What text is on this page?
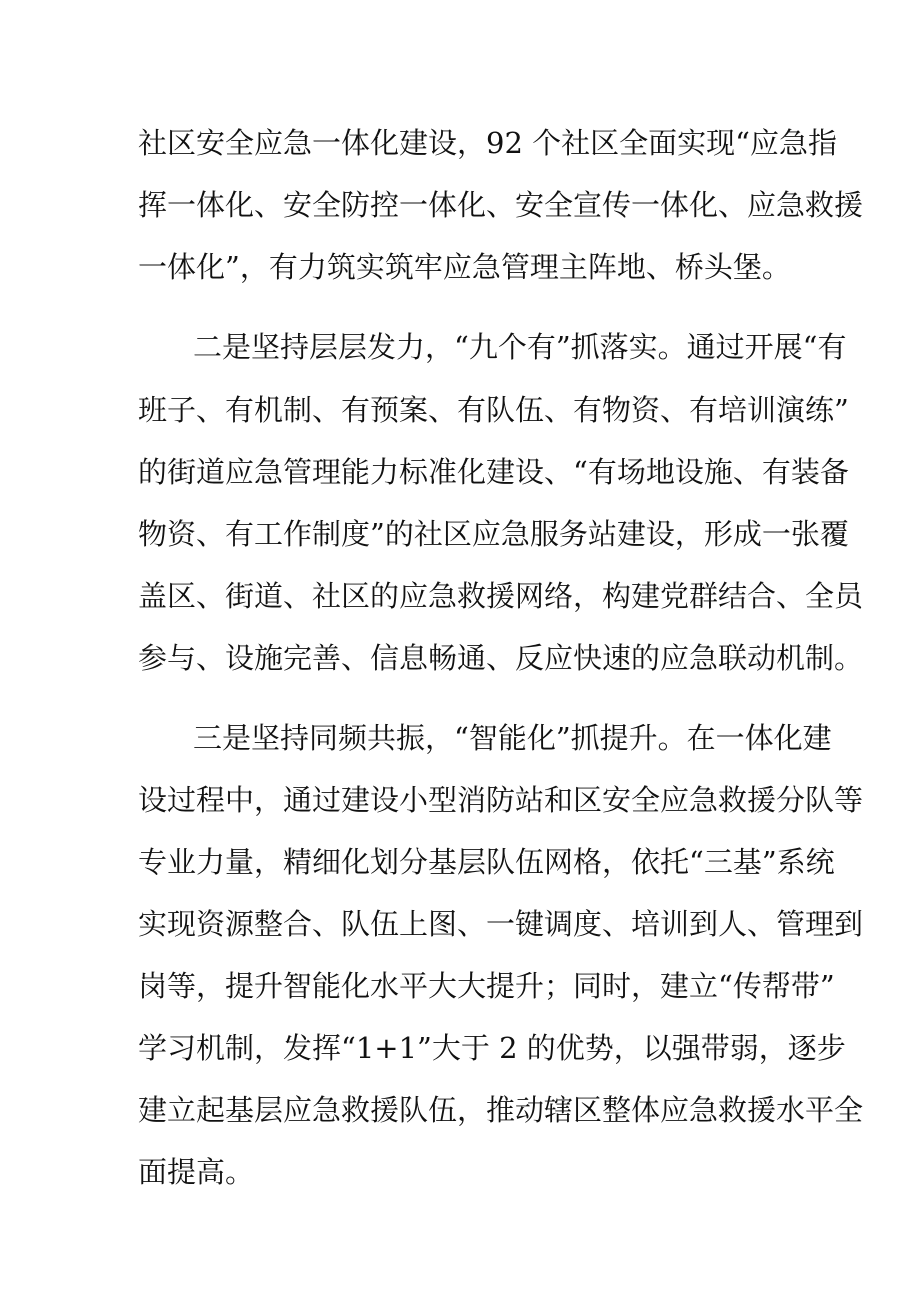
社区安全应急一体化建设，92 个社区全面实现“应急指
挥一体化、安全防控一体化、安全宣传一体化、应急救援
一体化”，有力筑实筑牢应急管理主阵地、桥头堡。
二是坚持层层发力，“九个有”抓落实。通过开展“有
班子、有机制、有预案、有队伍、有物资、有培训演练”
的街道应急管理能力标准化建设、“有场地设施、有装备
物资、有工作制度”的社区应急服务站建设，形成一张覆
盖区、街道、社区的应急救援网络，构建党群结合、全员
参与、设施完善、信息畅通、反应快速的应急联动机制。
三是坚持同频共振，“智能化”抓提升。在一体化建
设过程中，通过建设小型消防站和区安全应急救援分队等
专业力量，精细化划分基层队伍网格，依托“三基”系统
实现资源整合、队伍上图、一键调度、培训到人、管理到
岗等，提升智能化水平大大提升；同时，建立“传帮带”
学习机制，发挥“1+1”大于 2 的优势，以强带弱，逐步
建立起基层应急救援队伍，推动辖区整体应急救援水平全
面提高。
